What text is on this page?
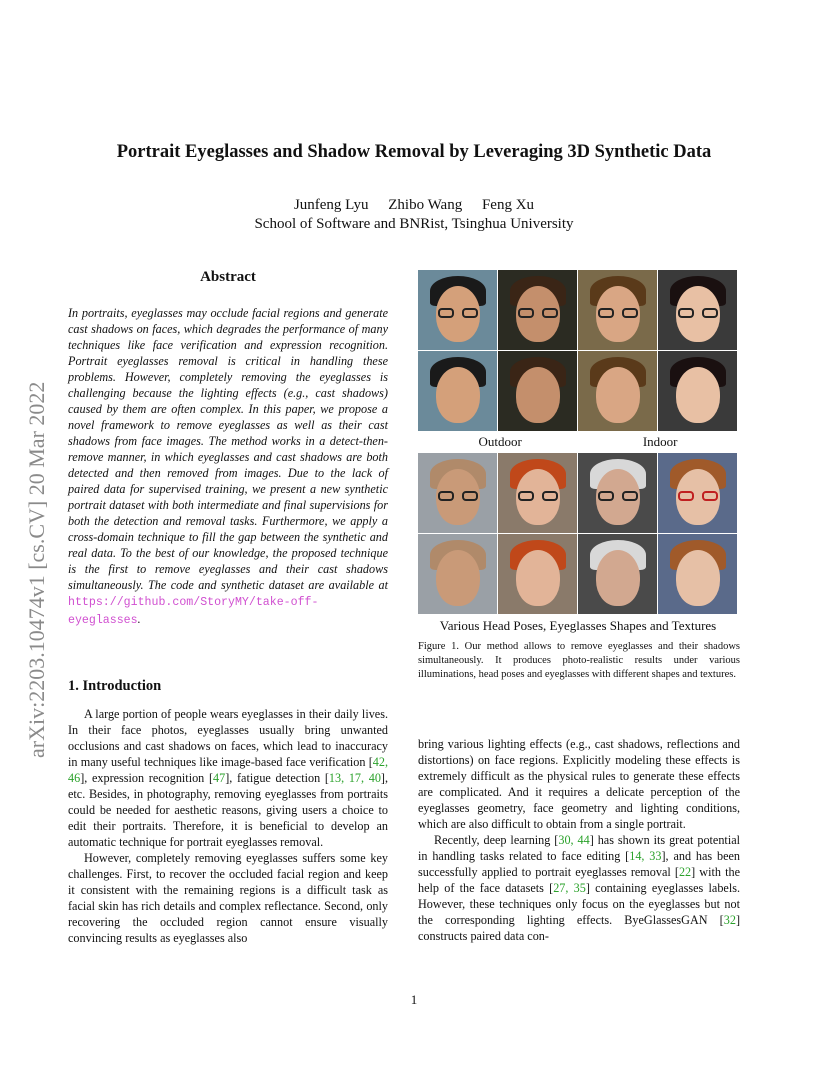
arXiv:2203.10474v1 [cs.CV] 20 Mar 2022
Portrait Eyeglasses and Shadow Removal by Leveraging 3D Synthetic Data
Junfeng Lyu Zhibo Wang Feng Xu
School of Software and BNRist, Tsinghua University
Abstract
In portraits, eyeglasses may occlude facial regions and generate cast shadows on faces, which degrades the performance of many techniques like face verification and expression recognition. Portrait eyeglasses removal is critical in handling these problems. However, completely removing the eyeglasses is challenging because the lighting effects (e.g., cast shadows) caused by them are often complex. In this paper, we propose a novel framework to remove eyeglasses as well as their cast shadows from face images. The method works in a detect-then-remove manner, in which eyeglasses and cast shadows are both detected and then removed from images. Due to the lack of paired data for supervised training, we present a new synthetic portrait dataset with both intermediate and final supervisions for both the detection and removal tasks. Furthermore, we apply a cross-domain technique to fill the gap between the synthetic and real data. To the best of our knowledge, the proposed technique is the first to remove eyeglasses and their cast shadows simultaneously. The code and synthetic dataset are available at https://github.com/StoryMY/take-off-eyeglasses.
1. Introduction

A large portion of people wears eyeglasses in their daily lives. In their face photos, eyeglasses usually bring unwanted occlusions and cast shadows on faces, which lead to inaccuracy in many useful techniques like image-based face verification [42, 46], expression recognition [47], fatigue detection [13, 17, 40], etc. Besides, in photography, removing eyeglasses from portraits could be needed for aesthetic reasons, giving users a choice to edit their portraits. Therefore, it is beneficial to develop an automatic technique for portrait eyeglasses removal.

However, completely removing eyeglasses suffers some key challenges. First, to recover the occluded facial region and keep it consistent with the remaining regions is a difficult task as facial skin has rich details and complex reflectance. Second, only recovering the occluded region cannot ensure visually convincing results as eyeglasses also

bring various lighting effects (e.g., cast shadows, reflections and distortions) on face regions. Explicitly modeling these effects is extremely difficult as the physical rules to generate these effects are complicated. And it requires a delicate perception of the eyeglasses geometry, face geometry and lighting conditions, which are also difficult to obtain from a single portrait.

Recently, deep learning [30, 44] has shown its great potential in handling tasks related to face editing [14, 33], and has been successfully applied to portrait eyeglasses removal [22] with the help of the face datasets [27, 35] containing eyeglasses labels. However, these techniques only focus on the eyeglasses but not the corresponding lighting effects. ByeGlassesGAN [32] constructs paired data con-

Outdoor	Indoor
Various Head Poses, Eyeglasses Shapes and Textures
Figure 1. Our method allows to remove eyeglasses and their shadows simultaneously. It produces photo-realistic results under various illuminations, head poses and eyeglasses with different shapes and textures.
1
